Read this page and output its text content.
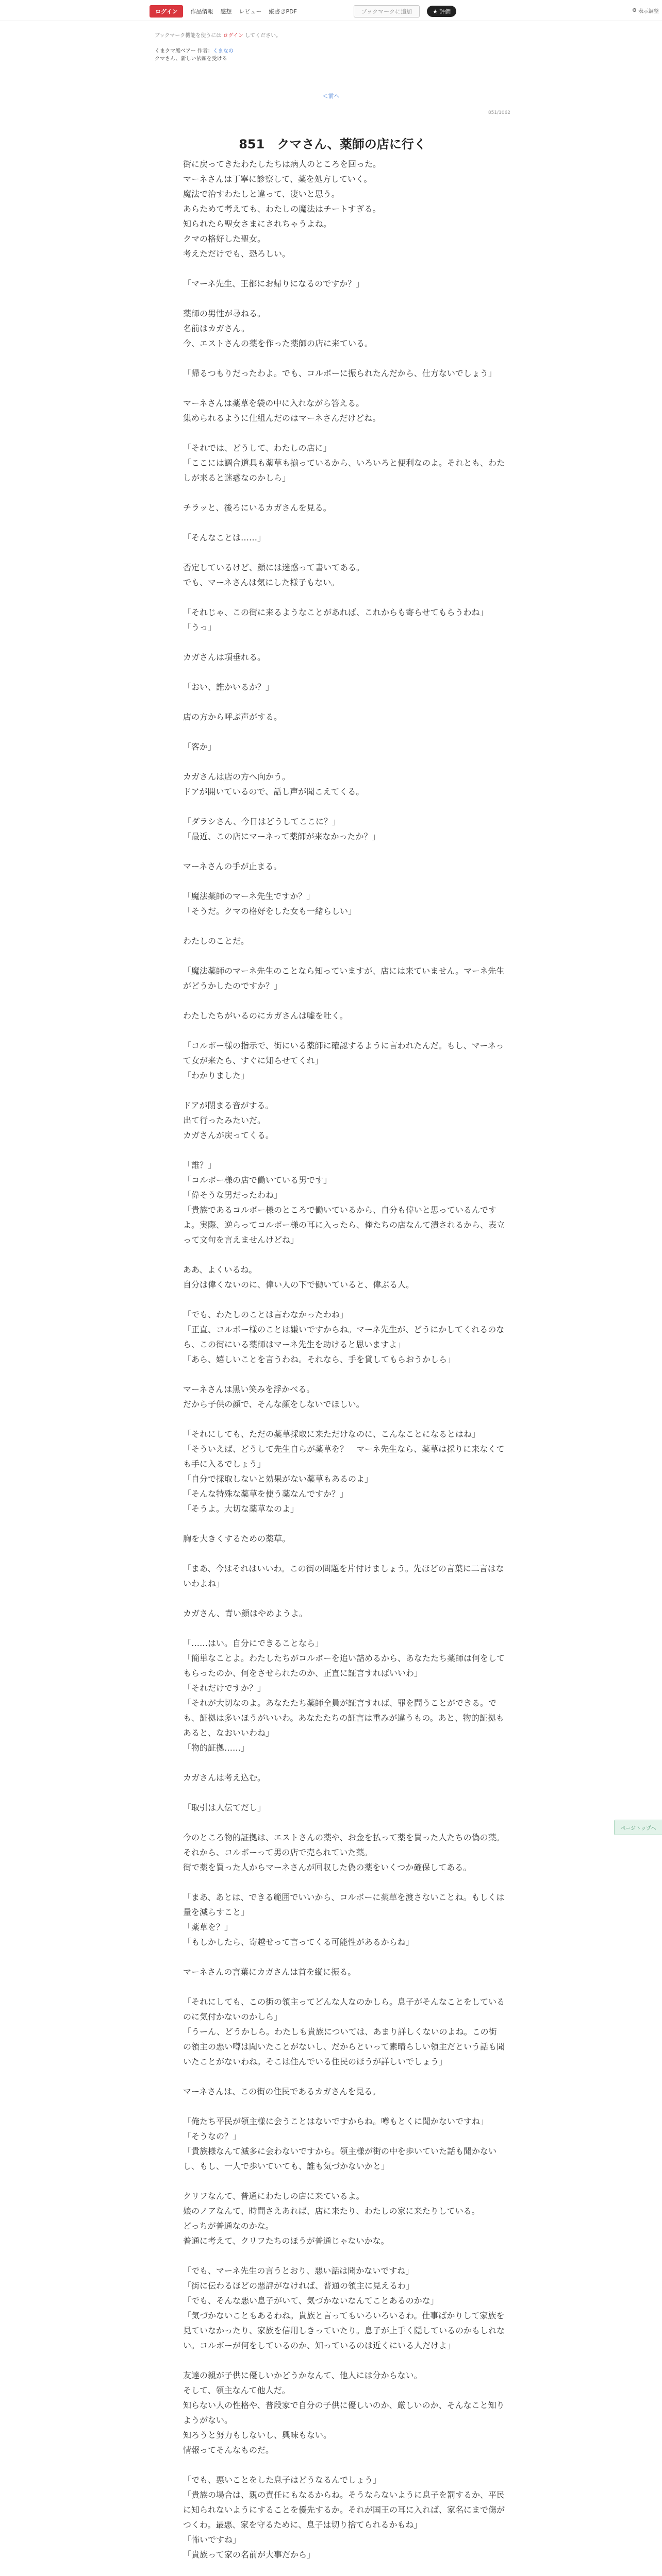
ログイン	作品情報 感想 レビュー 縦書きPDF	ブックマークに追加	★ 評価	⚙ 表示調整
ブックマーク機能を使うには ログイン してください。
くまクマ熊ベアー 作者：くまなの
クマさん、新しい依頼を受ける
＜前へ
851/1062
851　クマさん、薬師の店に行く

街に戻ってきたわたしたちは病人のところを回った。
マーネさんは丁寧に診察して、薬を処方していく。
魔法で治すわたしと違って、凄いと思う。
あらためて考えても、わたしの魔法はチートすぎる。
知られたら聖女さまにされちゃうよね。
クマの格好した聖女。
考えただけでも、恐ろしい。

「マーネ先生、王都にお帰りになるのですか？」

薬師の男性が尋ねる。
名前はカガさん。
今、エストさんの薬を作った薬師の店に来ている。

「帰るつもりだったわよ。でも、コルボーに振られたんだから、仕方ないでしょう」

マーネさんは薬草を袋の中に入れながら答える。
集められるように仕組んだのはマーネさんだけどね。

「それでは、どうして、わたしの店に」
「ここには調合道具も薬草も揃っているから、いろいろと便利なのよ。それとも、わたしが来ると迷惑なのかしら」

チラッと、後ろにいるカガさんを見る。

「そんなことは……」

否定しているけど、顔には迷惑って書いてある。
でも、マーネさんは気にした様子もない。

「それじゃ、この街に来るようなことがあれば、これからも寄らせてもらうわね」
「うっ」

カガさんは項垂れる。

「おい、誰かいるか？」

店の方から呼ぶ声がする。

「客か」

カガさんは店の方へ向かう。
ドアが開いているので、話し声が聞こえてくる。

「ダラシさん、今日はどうしてここに？」
「最近、この店にマーネって薬師が来なかったか？」

マーネさんの手が止まる。

「魔法薬師のマーネ先生ですか？」
「そうだ。クマの格好をした女も一緒らしい」

わたしのことだ。

「魔法薬師のマーネ先生のことなら知っていますが、店には来ていません。マーネ先生がどうかしたのですか？」

わたしたちがいるのにカガさんは嘘を吐く。

「コルボー様の指示で、街にいる薬師に確認するように言われたんだ。もし、マーネって女が来たら、すぐに知らせてくれ」
「わかりました」

ドアが閉まる音がする。
出て行ったみたいだ。
カガさんが戻ってくる。

「誰？」
「コルボー様の店で働いている男です」
「偉そうな男だったわね」
「貴族であるコルボー様のところで働いているから、自分も偉いと思っているんですよ。実際、逆らってコルボー様の耳に入ったら、俺たちの店なんて潰されるから、表立って文句を言えませんけどね」

ああ、よくいるね。
自分は偉くないのに、偉い人の下で働いていると、偉ぶる人。

「でも、わたしのことは言わなかったわね」
「正直、コルボー様のことは嫌いですからね。マーネ先生が、どうにかしてくれるのなら、この街にいる薬師はマーネ先生を助けると思いますよ」
「あら、嬉しいことを言うわね。それなら、手を貸してもらおうかしら」

マーネさんは黒い笑みを浮かべる。
だから子供の顔で、そんな顔をしないでほしい。

「それにしても、ただの薬草採取に来ただけなのに、こんなことになるとはね」
「そういえば、どうして先生自らが薬草を？　マーネ先生なら、薬草は採りに来なくても手に入るでしょう」
「自分で採取しないと効果がない薬草もあるのよ」
「そんな特殊な薬草を使う薬なんですか？」
「そうよ。大切な薬草なのよ」

胸を大きくするための薬草。

「まあ、今はそれはいいわ。この街の問題を片付けましょう。先ほどの言葉に二言はないわよね」

カガさん、青い顔はやめようよ。

「……はい。自分にできることなら」
「簡単なことよ。わたしたちがコルボーを追い詰めるから、あなたたち薬師は何をしてもらったのか、何をさせられたのか、正直に証言すればいいわ」
「それだけですか？」
「それが大切なのよ。あなたたち薬師全員が証言すれば、罪を問うことができる。でも、証拠は多いほうがいいわ。あなたたちの証言は重みが違うもの。あと、物的証拠もあると、なおいいわね」
「物的証拠……」

カガさんは考え込む。

「取引は人伝てだし」

今のところ物的証拠は、エストさんの薬や、お金を払って薬を買った人たちの偽の薬。
それから、コルボーって男の店で売られていた薬。
街で薬を買った人からマーネさんが回収した偽の薬をいくつか確保してある。

「まあ、あとは、できる範囲でいいから、コルボーに薬草を渡さないことね。もしくは量を減らすこと」
「薬草を？」
「もしかしたら、寄越せって言ってくる可能性があるからね」

マーネさんの言葉にカガさんは首を縦に振る。

「それにしても、この街の領主ってどんな人なのかしら。息子がそんなことをしているのに気付かないのかしら」
「うーん、どうかしら。わたしも貴族については、あまり詳しくないのよね。この街の領主の悪い噂は聞いたことがないし、だからといって素晴らしい領主だという話も聞いたことがないわね。そこは住んでいる住民のほうが詳しいでしょう」

マーネさんは、この街の住民であるカガさんを見る。

「俺たち平民が領主様に会うことはないですからね。噂もとくに聞かないですね」
「そうなの？」
「貴族様なんて滅多に会わないですから。領主様が街の中を歩いていた話も聞かないし、もし、一人で歩いていても、誰も気づかないかと」

クリフなんて、普通にわたしの店に来ているよ。
娘のノアなんて、時間さえあれば、店に来たり、わたしの家に来たりしている。
どっちが普通なのかな。
普通に考えて、クリフたちのほうが普通じゃないかな。

「でも、マーネ先生の言うとおり、悪い話は聞かないですね」
「街に伝わるほどの悪評がなければ、普通の領主に見えるわ」
「でも、そんな悪い息子がいて、気づかないなんてことあるのかな」
「気づかないこともあるわね。貴族と言ってもいろいろいるわ。仕事ばかりして家族を見ていなかったり、家族を信用しきっていたり。息子が上手く隠しているのかもしれない。コルボーが何をしているのか、知っているのは近くにいる人だけよ」

友達の親が子供に優しいかどうかなんて、他人には分からない。
そして、領主なんて他人だ。
知らない人の性格や、普段家で自分の子供に優しいのか、厳しいのか、そんなこと知りようがない。
知ろうと努力もしないし、興味もない。
情報ってそんなものだ。

「でも、悪いことをした息子はどうなるんでしょう」
「貴族の場合は、親の責任にもなるからね。そうならないように息子を罰するか、平民に知られないようにすることを優先するか。それが国王の耳に入れば、家名にまで傷がつくわ。最悪、家を守るために、息子は切り捨てられるかもね」
「怖いですね」
「貴族って家の名前が大事だから」

ページトップへ
